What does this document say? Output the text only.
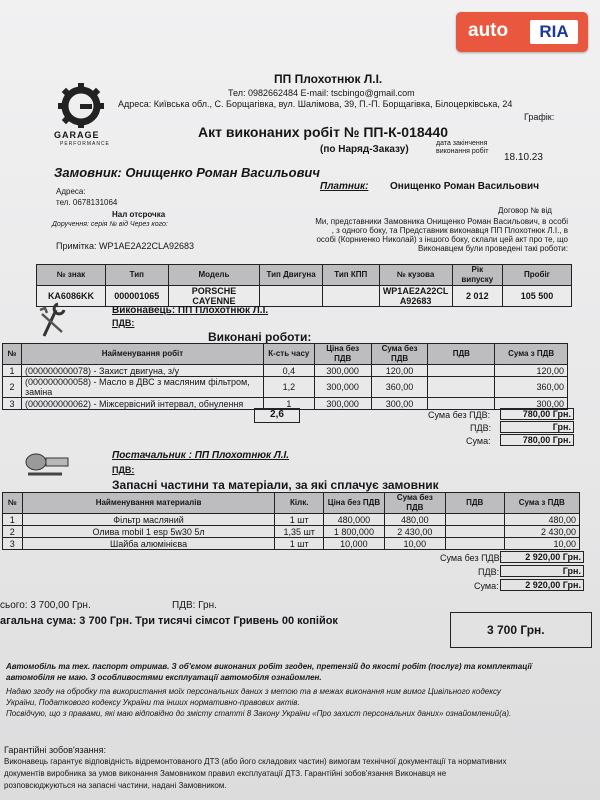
auto	RIA
GARAGE
PERFORMANCE
ПП Плохотнюк Л.І.
Тел: 0982662484 E-mail: tscbingo@gmail.com
Адреса: Київська обл., С. Борщагівка, вул. Шалімова, 39, П.-П. Борщагівка, Білоцерківська, 24
Графік:
Акт виконаних робіт № ПП-К-018440
(по Наряд-Заказу)
дата закінчення виконання робіт
18.10.23
Замовник: Онищенко Роман Васильович
Платник: Онищенко Роман Васильович
Адреса:
тел. 0678131064
Нал отсрочка
Доручення: серія № від Через кого:
Примітка: WP1AE2A22CLA92683
Договор № від
Ми, представники Замовника Онищенко Роман Васильович, в особі , з одного боку, та Представник виконавця ПП Плохотнюк Л.І., в особі (Корниенко Николай) з іншого боку, склали цей акт про те, що Виконавцем були проведені такі роботи:
№ знак	Тип	Модель	Тип Двигуна	Тип КПП	№ кузова	Рік випуску	Пробіг
KA6086KK	000001065	PORSCHE CAYENNE			WP1AE2A22CLA92683	2 012	105 500
Виконавець: ПП Плохотнюк Л.І.
ПДВ:
Виконані роботи:
№	Найменування робіт	К-сть часу	Ціна без ПДВ	Сума без ПДВ	ПДВ	Сума з ПДВ
1	(000000000078) - Захист двигуна, з/у	0,4	300,000	120,00		120,00
2	(000000000058) - Масло в ДВС з масляним фільтром, заміна	1,2	300,000	360,00		360,00
3	(000000000062) - Міжсервісний інтервал, обнулення	1	300,000	300,00		300,00
2,6	Сума без ПДВ:	780,00 Грн.
ПДВ:	Грн.
Сума:	780,00 Грн.
Постачальник : ПП Плохотнюк Л.І.
ПДВ:
Запасні частини та матеріали, за які сплачує замовник
№	Найменування материалів	Кілк.	Ціна без ПДВ	Сума без ПДВ	ПДВ	Сума з ПДВ
1	Фільтр масляний	1 шт	480,000	480,00		480,00
2	Олива mobil 1 esp 5w30 5л	1,35 шт	1 800,000	2 430,00		2 430,00
3	Шайба алюмінієва	1 шт	10,000	10,00		10,00
Сума без ПДВ:	2 920,00 Грн.
ПДВ:	Грн.
Сума:	2 920,00 Грн.
сього: 3 700,00 Грн.	ПДВ: Грн.
агальна сума: 3 700 Грн. Три тисячі сімсот Гривень 00 копійок
3 700 Грн.
Автомобіль та тех. паспорт отримав. З об'ємом виконаних робіт згоден, претензій до якості робіт (послуг) та комплектації
автомобіля не маю. З особливостями експлуатації автомобіля ознайомлен.
Надаю згоду на обробку та використання моїх персональних даних з метою та в межах виконання ним вимог Цивільного кодексу
України, Податкового кодексу України та інших нормативно-правових актів.
Посвідчую, що з правами, які маю відповідно до змісту статті 8 Закону України «Про захист персональних даних» ознайомлений(а).
Гарантійні зобов'язання:
Виконавець гарантує відповідність відремонтованого ДТЗ (або його складових частин) вимогам технічної документації та нормативних
документів виробника за умов виконання Замовником правил експлуатації ДТЗ. Гарантійні зобов'язання Виконавця не
розповсюджуються на запасні частини, надані Замовником.
